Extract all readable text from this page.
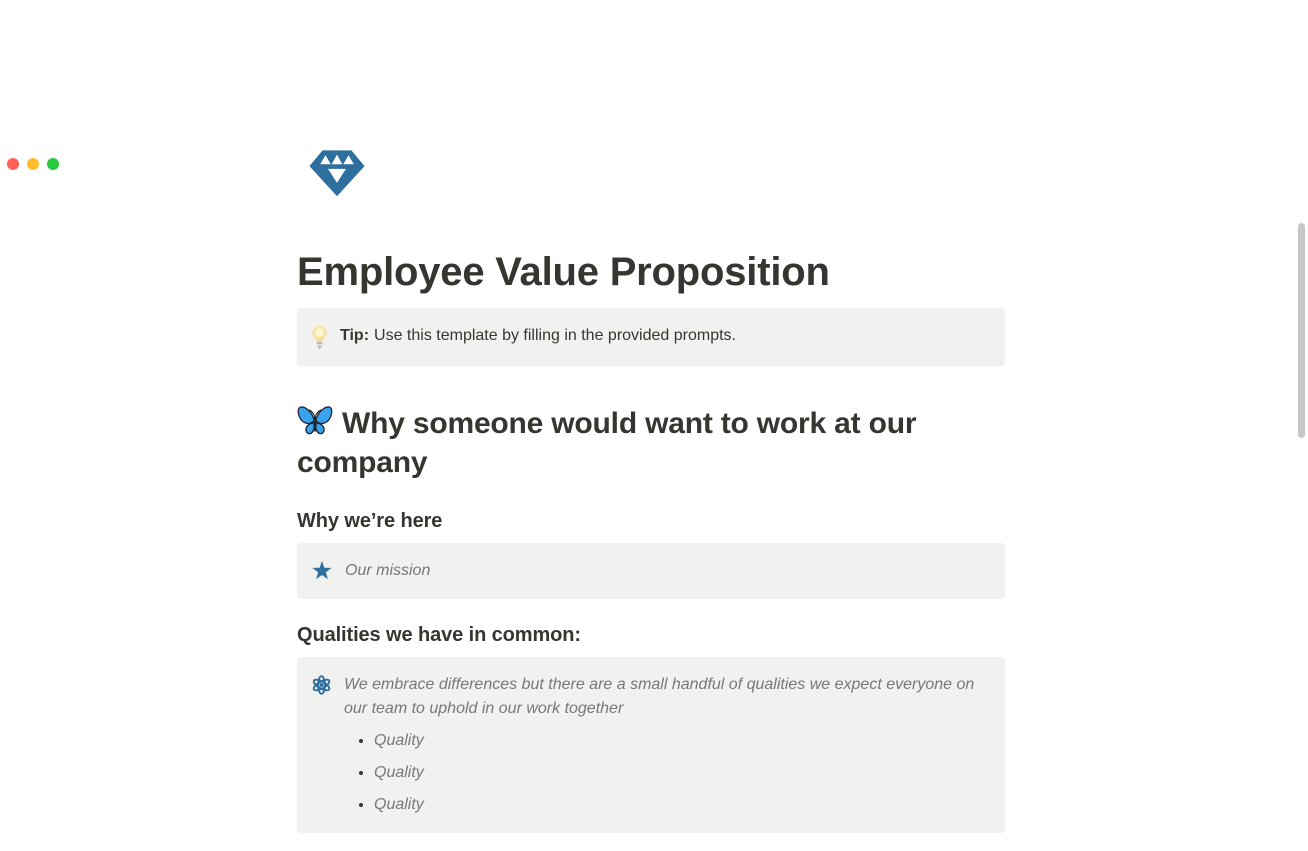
Employee Value Proposition
Tip: Use this template by filling in the provided prompts.
Why someone would want to work at our company
Why we’re here
Our mission
Qualities we have in common:
We embrace differences but there are a small handful of qualities we expect everyone on our team to uphold in our work together
• Quality
• Quality
• Quality
